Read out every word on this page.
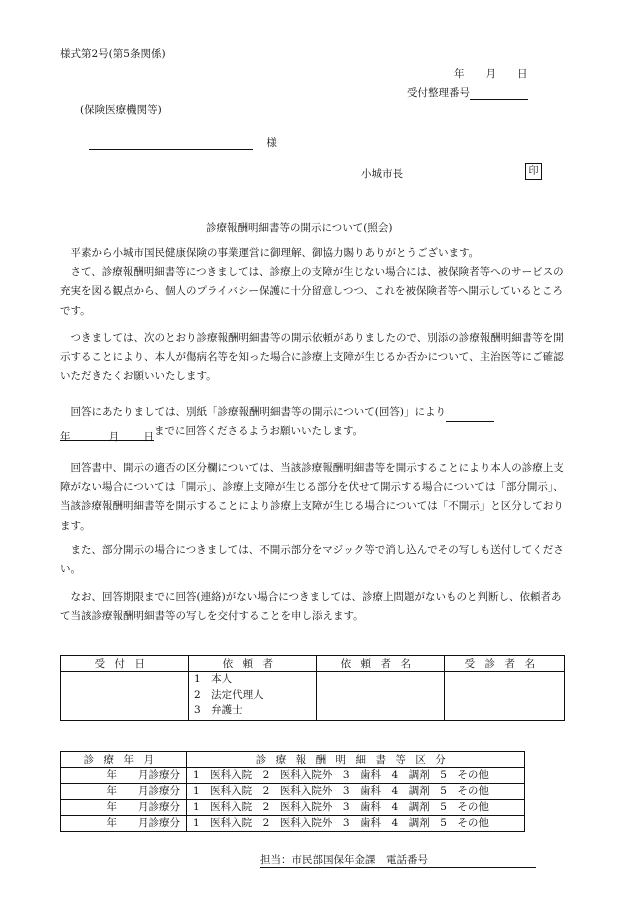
様式第2号(第5条関係)
年　　月　　日
受付整理番号
(保険医療機関等)
様
小城市長	印
診療報酬明細書等の開示について(照会)

平素から小城市国民健康保険の事業運営に御理解、御協力賜りありがとうございます。

さて、診療報酬明細書等につきましては、診療上の支障が生じない場合には、被保険者等へのサービスの充実を図る観点から、個人のプライバシー保護に十分留意しつつ、これを被保険者等へ開示しているところです。

つきましては、次のとおり診療報酬明細書等の開示依頼がありましたので、別添の診療報酬明細書等を開示することにより、本人が傷病名等を知った場合に診療上支障が生じるか否かについて、主治医等にご確認いただきたくお願いいたします。

回答にあたりましては、別紙「診療報酬明細書等の開示について(回答)」により

年	月 日までに回答くださるようお願いいたします。

回答書中、開示の適否の区分欄については、当該診療報酬明細書等を開示することにより本人の診療上支障がない場合については「開示」、診療上支障が生じる部分を伏せて開示する場合については「部分開示」、当該診療報酬明細書等を開示することにより診療上支障が生じる場合については「不開示」と区分しております。

また、部分開示の場合につきましては、不開示部分をマジック等で消し込んでその写しも送付してください。

なお、回答期限までに回答(連絡)がない場合につきましては、診療上問題がないものと判断し、依頼者あて当該診療報酬明細書等の写しを交付することを申し添えます。

受付日	依頼者	依頼者名	受診者名

	1　本人
2　法定代理人
3　弁護士		

診療年月	診療報酬明細書等区分
年　　月診療分	1　医科入院　2　医科入院外　3　歯科　4　調剤　5　その他
年　　月診療分	1　医科入院　2　医科入院外　3　歯科　4　調剤　5　その他
年　　月診療分	1　医科入院　2　医科入院外　3　歯科　4　調剤　5　その他
年　　月診療分	1　医科入院　2　医科入院外　3　歯科　4　調剤　5　その他
担当：市民部国保年金課　電話番号
